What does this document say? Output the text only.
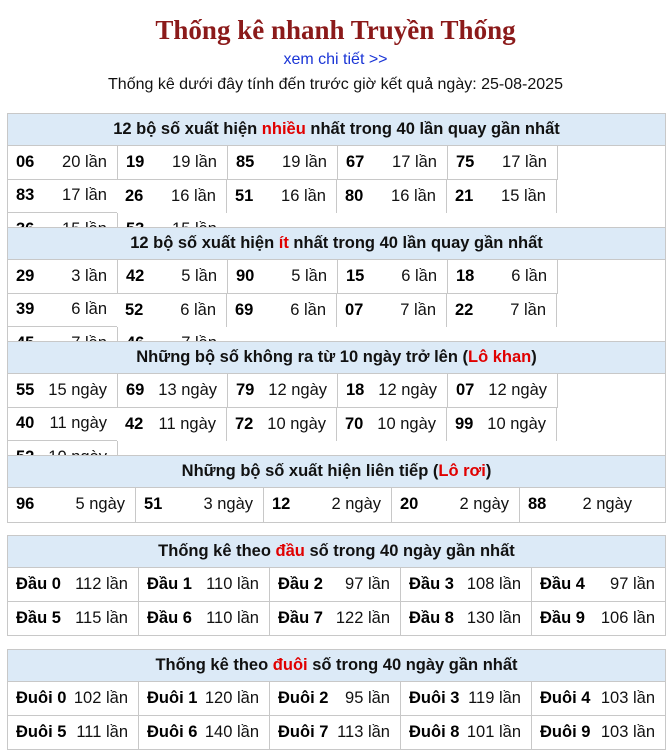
Thống kê nhanh Truyền Thống
xem chi tiết >>
Thống kê dưới đây tính đến trước giờ kết quả ngày: 25-08-2025
12 bộ số xuất hiện nhiều nhất trong 40 lần quay gần nhất
06 20 lần	19 19 lần	85 19 lần	67 17 lần	75 17 lần
83 17 lần	26 16 lần	51 16 lần	80 16 lần	21 15 lần
12 bộ số xuất hiện ít nhất trong 40 lần quay gần nhất
29 3 lần	42 5 lần	90 5 lần	15 6 lần	18 6 lần
39 6 lần	52 6 lần	69 6 lần	07 7 lần	22 7 lần
Những bộ số không ra từ 10 ngày trở lên (Lô khan)
55 15 ngày	69 13 ngày	79 12 ngày	18 12 ngày	07 12 ngày
40 11 ngày	42 11 ngày	72 10 ngày	70 10 ngày	99 10 ngày
Những bộ số xuất hiện liên tiếp (Lô rơi)
96 5 ngày	51 3 ngày	12 2 ngày	20 2 ngày	88 2 ngày
Thống kê theo đầu số trong 40 ngày gần nhất
Đầu 0 112 lần	Đầu 1 110 lần	Đầu 2 97 lần	Đầu 3 108 lần	Đầu 4 97 lần
Đầu 5 115 lần	Đầu 6 110 lần	Đầu 7 122 lần	Đầu 8 130 lần	Đầu 9 106 lần
Thống kê theo đuôi số trong 40 ngày gần nhất
Đuôi 0 102 lần	Đuôi 1 120 lần	Đuôi 2 95 lần	Đuôi 3 119 lần	Đuôi 4 103 lần
Đuôi 5 111 lần	Đuôi 6 140 lần	Đuôi 7 113 lần	Đuôi 8 101 lần	Đuôi 9 103 lần
